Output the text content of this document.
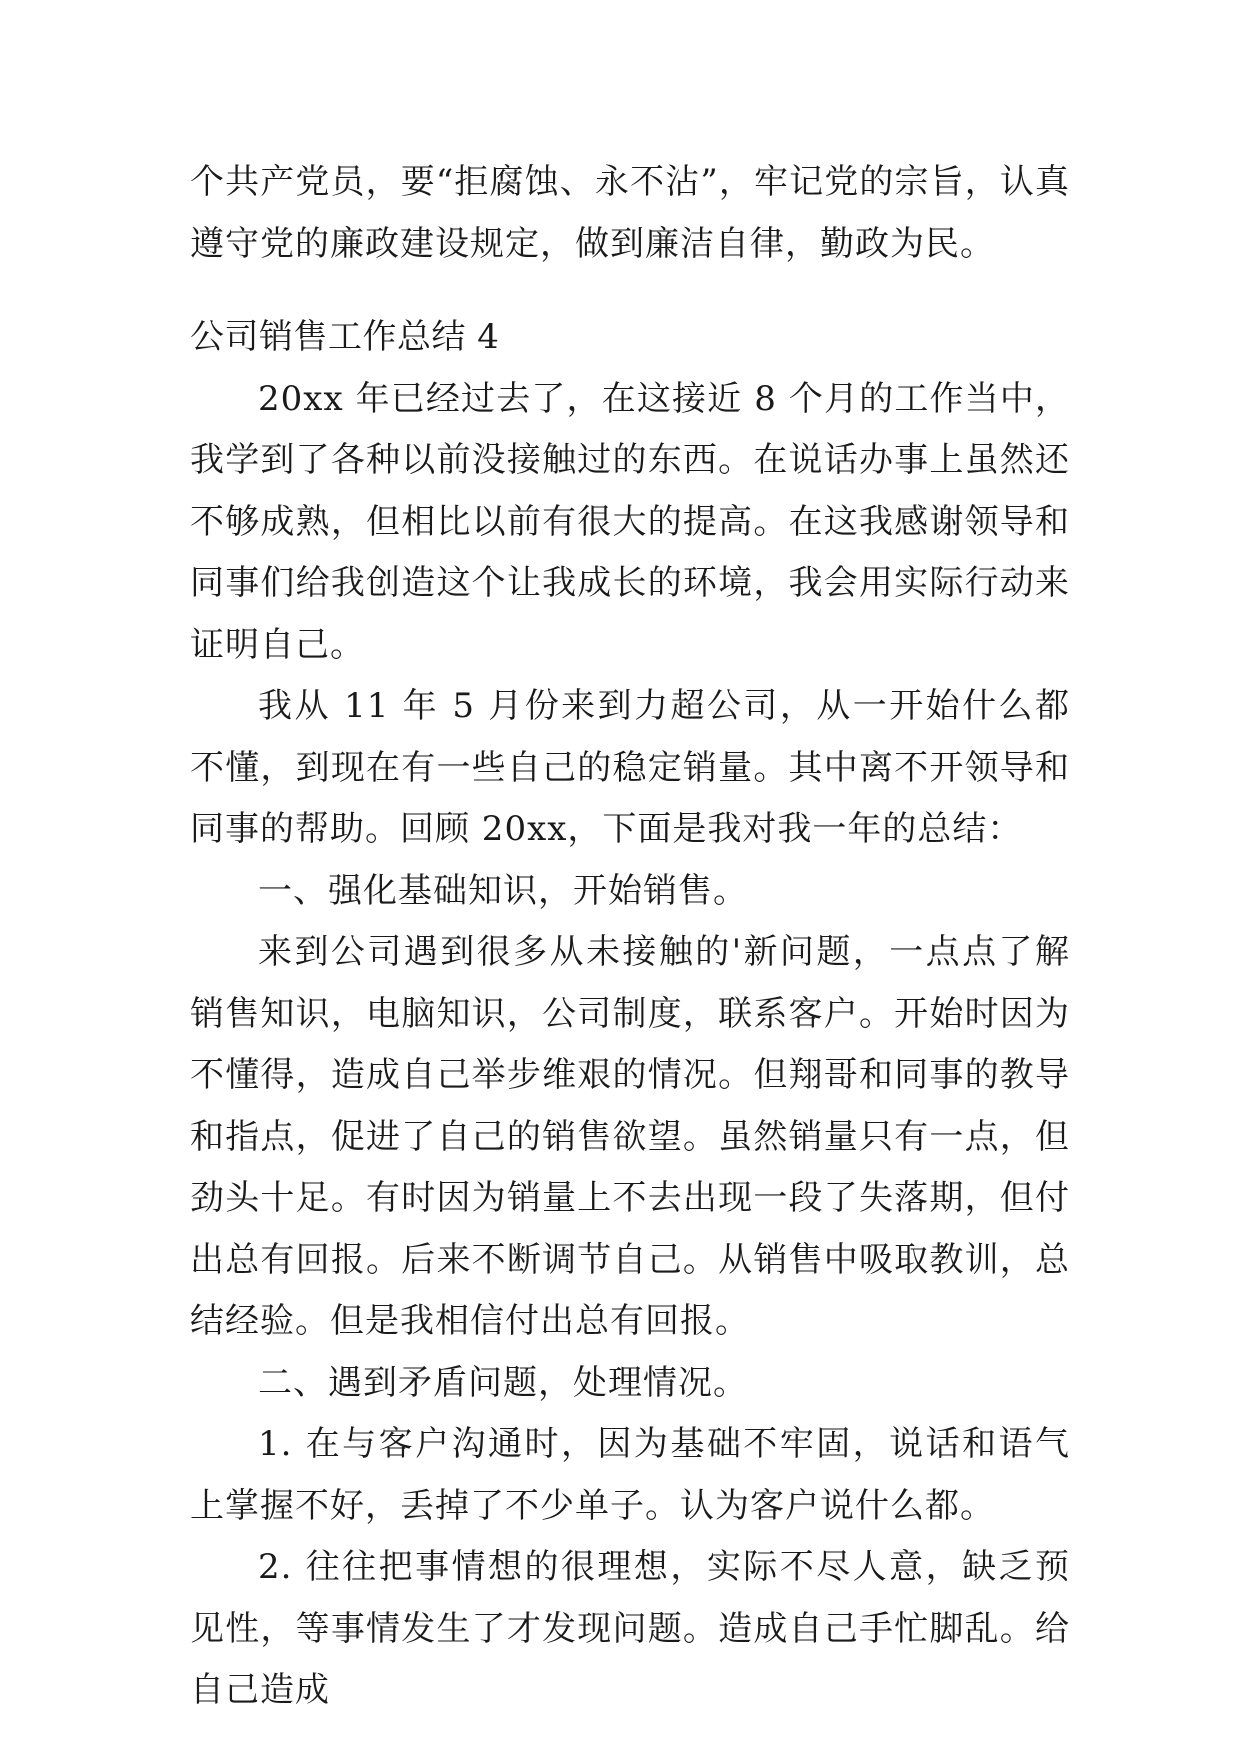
个共产党员，要“拒腐蚀、永不沾”，牢记党的宗旨，认真遵守党的廉政建设规定，做到廉洁自律，勤政为民。

公司销售工作总结 4

20xx 年已经过去了，在这接近 8 个月的工作当中，我学到了各种以前没接触过的东西。在说话办事上虽然还不够成熟，但相比以前有很大的提高。在这我感谢领导和同事们给我创造这个让我成长的环境，我会用实际行动来证明自己。

我从 11 年 5 月份来到力超公司，从一开始什么都不懂，到现在有一些自己的稳定销量。其中离不开领导和同事的帮助。回顾 20xx，下面是我对我一年的总结：

一、强化基础知识，开始销售。

来到公司遇到很多从未接触的'新问题，一点点了解销售知识，电脑知识，公司制度，联系客户。开始时因为不懂得，造成自己举步维艰的情况。但翔哥和同事的教导和指点，促进了自己的销售欲望。虽然销量只有一点，但劲头十足。有时因为销量上不去出现一段了失落期，但付出总有回报。后来不断调节自己。从销售中吸取教训，总结经验。但是我相信付出总有回报。

二、遇到矛盾问题，处理情况。

1. 在与客户沟通时，因为基础不牢固，说话和语气上掌握不好，丢掉了不少单子。认为客户说什么都。

2. 往往把事情想的很理想，实际不尽人意，缺乏预见性，等事情发生了才发现问题。造成自己手忙脚乱。给自己造成
